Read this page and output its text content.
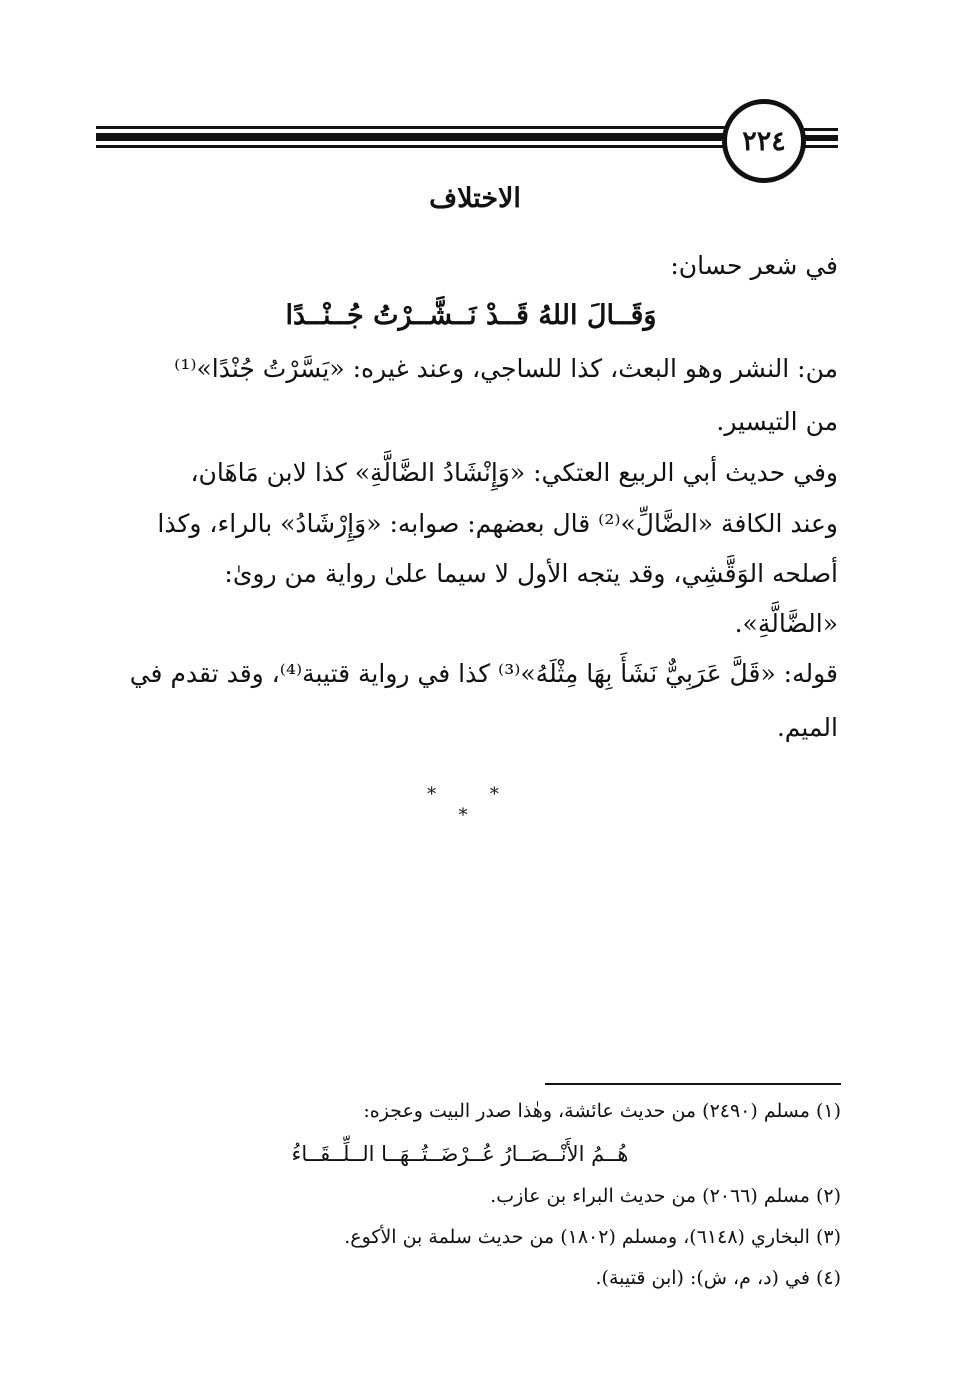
٢٢٤
الاختلاف
في شعر حسان:
وَقَــالَ اللهُ قَــدْ نَــشَّــرْتُ جُــنْــدًا
من: النشر وهو البعث، كذا للساجي، وعند غيره: «يَسَّرْتُ جُنْدًا»⁽¹⁾
من التيسير.
وفي حديث أبي الربيع العتكي: «وَإِنْشَادُ الضَّالَّةِ» كذا لابن مَاهَان،
وعند الكافة «الضَّالِّ»⁽²⁾ قال بعضهم: صوابه: «وَإِرْشَادُ» بالراء، وكذا
أصلحه الوَقَّشِي، وقد يتجه الأول لا سيما علىٰ رواية من روىٰ:
«الضَّالَّةِ».
قوله: «قَلَّ عَرَبِيٌّ نَشَأَ بِهَا مِثْلَهُ»⁽³⁾ كذا في رواية قتيبة⁽⁴⁾، وقد تقدم في
الميم.
* * *
(١) مسلم (٢٤٩٠) من حديث عائشة، وهٰذا صدر البيت وعجزه:
هُــمُ الأَنْــصَــارُ عُــرْضَــتُــهَــا الــلِّــقَــاءُ
(٢) مسلم (٢٠٦٦) من حديث البراء بن عازب.
(٣) البخاري (٦١٤٨)، ومسلم (١٨٠٢) من حديث سلمة بن الأكوع.
(٤) في (د، م، ش): (ابن قتيبة).
